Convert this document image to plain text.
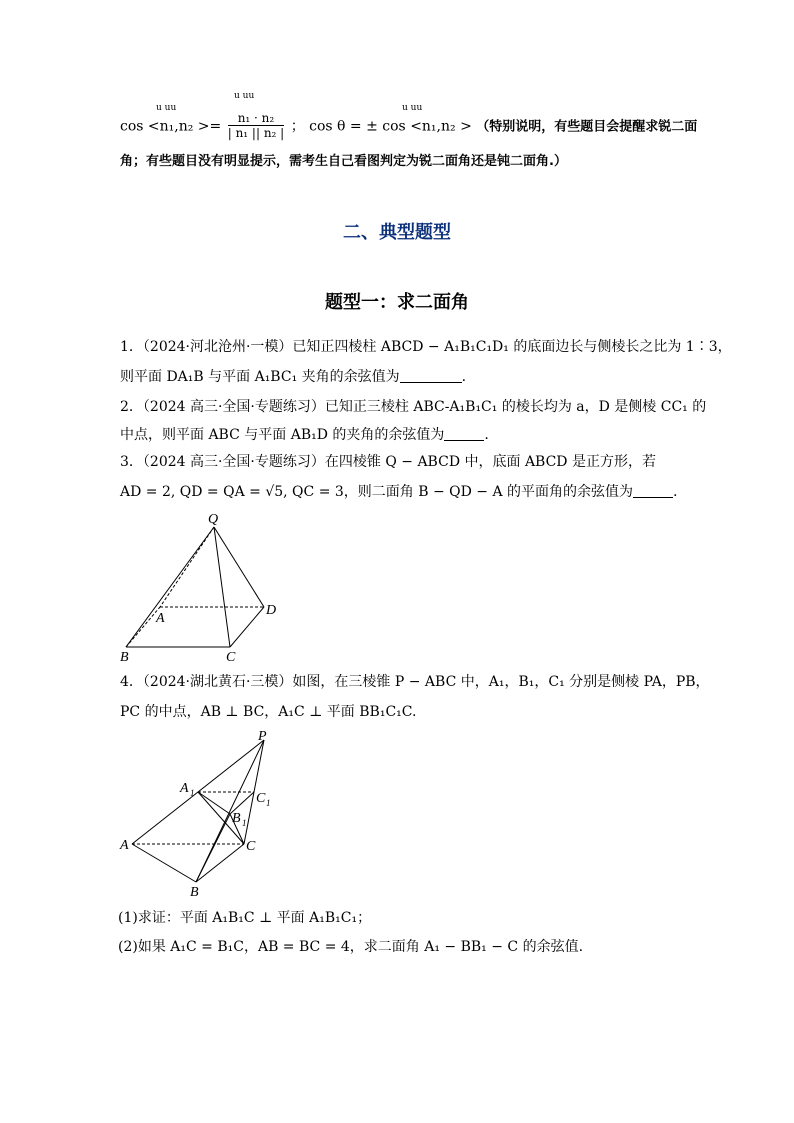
u uu
u uu
u uu
$\cos <n_1,n_2 >= \frac{\text{n₁ · n₂}}{\text{| n₁ || n₂ |}}$ ； cos θ = ± cos <n₁,n₂ > （特别说明，有些题目会提醒求锐二面
角；有些题目没有明显提示，需考生自己看图判定为锐二面角还是钝二面角.）
二、典型题型
题型一：求二面角
1．（2024·河北沧州·一模）已知正四棱柱 ABCD − A₁B₁C₁D₁ 的底面边长与侧棱长之比为 1∶3，
则平面 DA₁B 与平面 A₁BC₁ 夹角的余弦值为	.
2．（2024 高三·全国·专题练习）已知正三棱柱 ABC-A₁B₁C₁ 的棱长均为 a，D 是侧棱 CC₁ 的
中点，则平面 ABC 与平面 AB₁D 的夹角的余弦值为	.
3．（2024 高三·全国·专题练习）在四棱锥 Q − ABCD 中，底面 ABCD 是正方形，若
AD = 2, QD = QA = √5, QC = 3，则二面角 B − QD − A 的平面角的余弦值为	.
Q
A
B	C
D
4．（2024·湖北黄石·三模）如图，在三棱锥 P − ABC 中，A₁，B₁，C₁ 分别是侧棱 PA，PB，
PC 的中点，AB ⊥ BC，A₁C ⊥ 平面 BB₁C₁C.
P
A 1
B 1
C 1
A
B
C
(1)求证：平面 A₁B₁C ⊥ 平面 A₁B₁C₁；
(2)如果 A₁C = B₁C，AB = BC = 4，求二面角 A₁ − BB₁ − C 的余弦值.
